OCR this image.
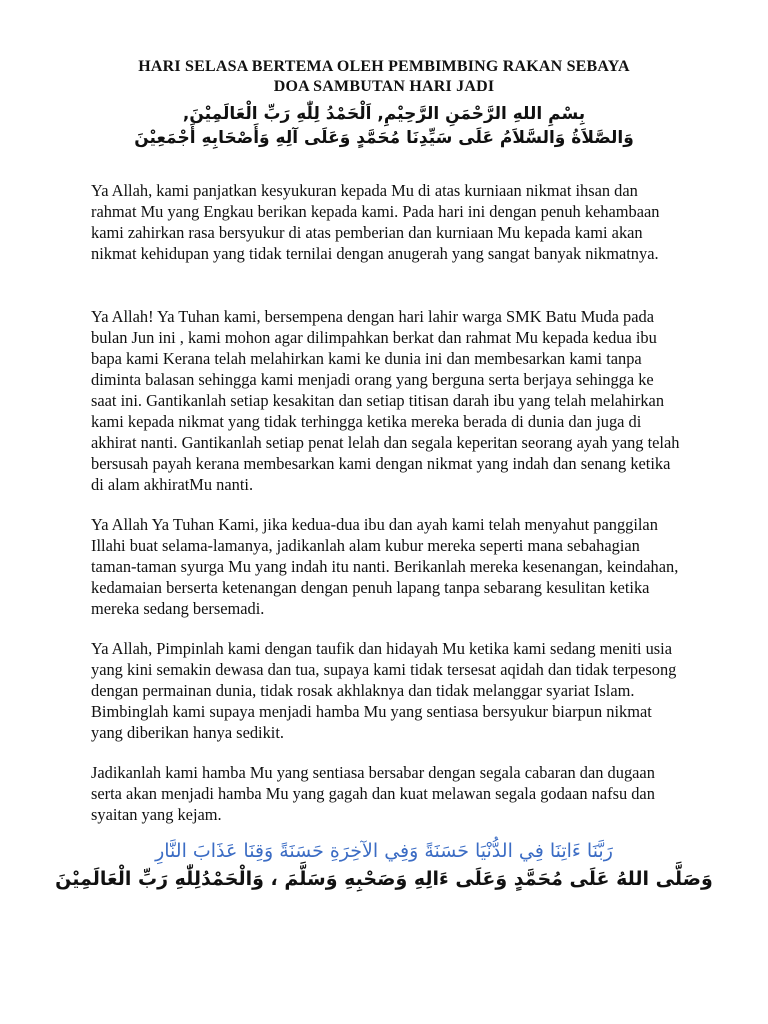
HARI SELASA BERTEMA OLEH PEMBIMBING RAKAN SEBAYA
DOA SAMBUTAN HARI JADI

بِسْمِ اللهِ الرَّحْمَنِ الرَّحِيْمِ, اَلْحَمْدُ لِلّٰهِ رَبِّ الْعَالَمِيْنَ,

وَالصَّلاَةُ وَالسَّلاَمُ عَلَى سَيِّدِنَا مُحَمَّدٍ وَعَلَى آلِهِ وَأَصْحَابِهِ أَجْمَعِيْنَ

Ya Allah, kami panjatkan kesyukuran kepada Mu di atas kurniaan nikmat ihsan dan rahmat Mu yang Engkau berikan kepada kami. Pada hari ini dengan penuh kehambaan kami zahirkan rasa bersyukur di atas pemberian dan kurniaan Mu kepada kami akan nikmat kehidupan yang tidak ternilai dengan anugerah yang sangat banyak nikmatnya.

Ya Allah! Ya Tuhan kami, bersempena dengan hari lahir warga SMK Batu Muda pada bulan Jun ini , kami mohon agar dilimpahkan berkat dan rahmat Mu kepada kedua ibu bapa kami Kerana telah melahirkan kami ke dunia ini dan membesarkan kami tanpa diminta balasan sehingga kami menjadi orang yang berguna serta berjaya sehingga ke saat ini. Gantikanlah setiap kesakitan dan setiap titisan darah ibu yang telah melahirkan kami kepada nikmat yang tidak terhingga ketika mereka berada di dunia dan juga di akhirat nanti. Gantikanlah setiap penat lelah dan segala keperitan seorang ayah yang telah bersusah payah kerana membesarkan kami dengan nikmat yang indah dan senang ketika di alam akhiratMu nanti.

Ya Allah Ya Tuhan Kami, jika kedua-dua ibu dan ayah kami telah menyahut panggilan Illahi buat selama-lamanya, jadikanlah alam kubur mereka seperti mana sebahagian taman-taman syurga Mu yang indah itu nanti. Berikanlah mereka kesenangan, keindahan, kedamaian berserta ketenangan dengan penuh lapang tanpa sebarang kesulitan ketika mereka sedang bersemadi.

Ya Allah, Pimpinlah kami dengan taufik dan hidayah Mu ketika kami sedang meniti usia yang kini semakin dewasa dan tua, supaya kami tidak tersesat aqidah dan tidak terpesong dengan permainan dunia, tidak rosak akhlaknya dan tidak melanggar syariat Islam. Bimbinglah kami supaya menjadi hamba Mu yang sentiasa bersyukur biarpun nikmat yang diberikan hanya sedikit.

Jadikanlah kami hamba Mu yang sentiasa bersabar dengan segala cabaran dan dugaan serta akan menjadi hamba Mu yang gagah dan kuat melawan segala godaan nafsu dan syaitan yang kejam.

رَبَّنَا ءَاتِنَا فِي الدُّنْيَا حَسَنَةً وَفِي الآخِرَةِ حَسَنَةً وَقِنَا عَذَابَ النَّارِ

وَصَلَّى اللهُ عَلَى مُحَمَّدٍ وَعَلَى ءَالِهِ وَصَحْبِهِ وَسَلَّمَ ، وَالْحَمْدُلِلّٰهِ رَبِّ الْعَالَمِيْنَ
